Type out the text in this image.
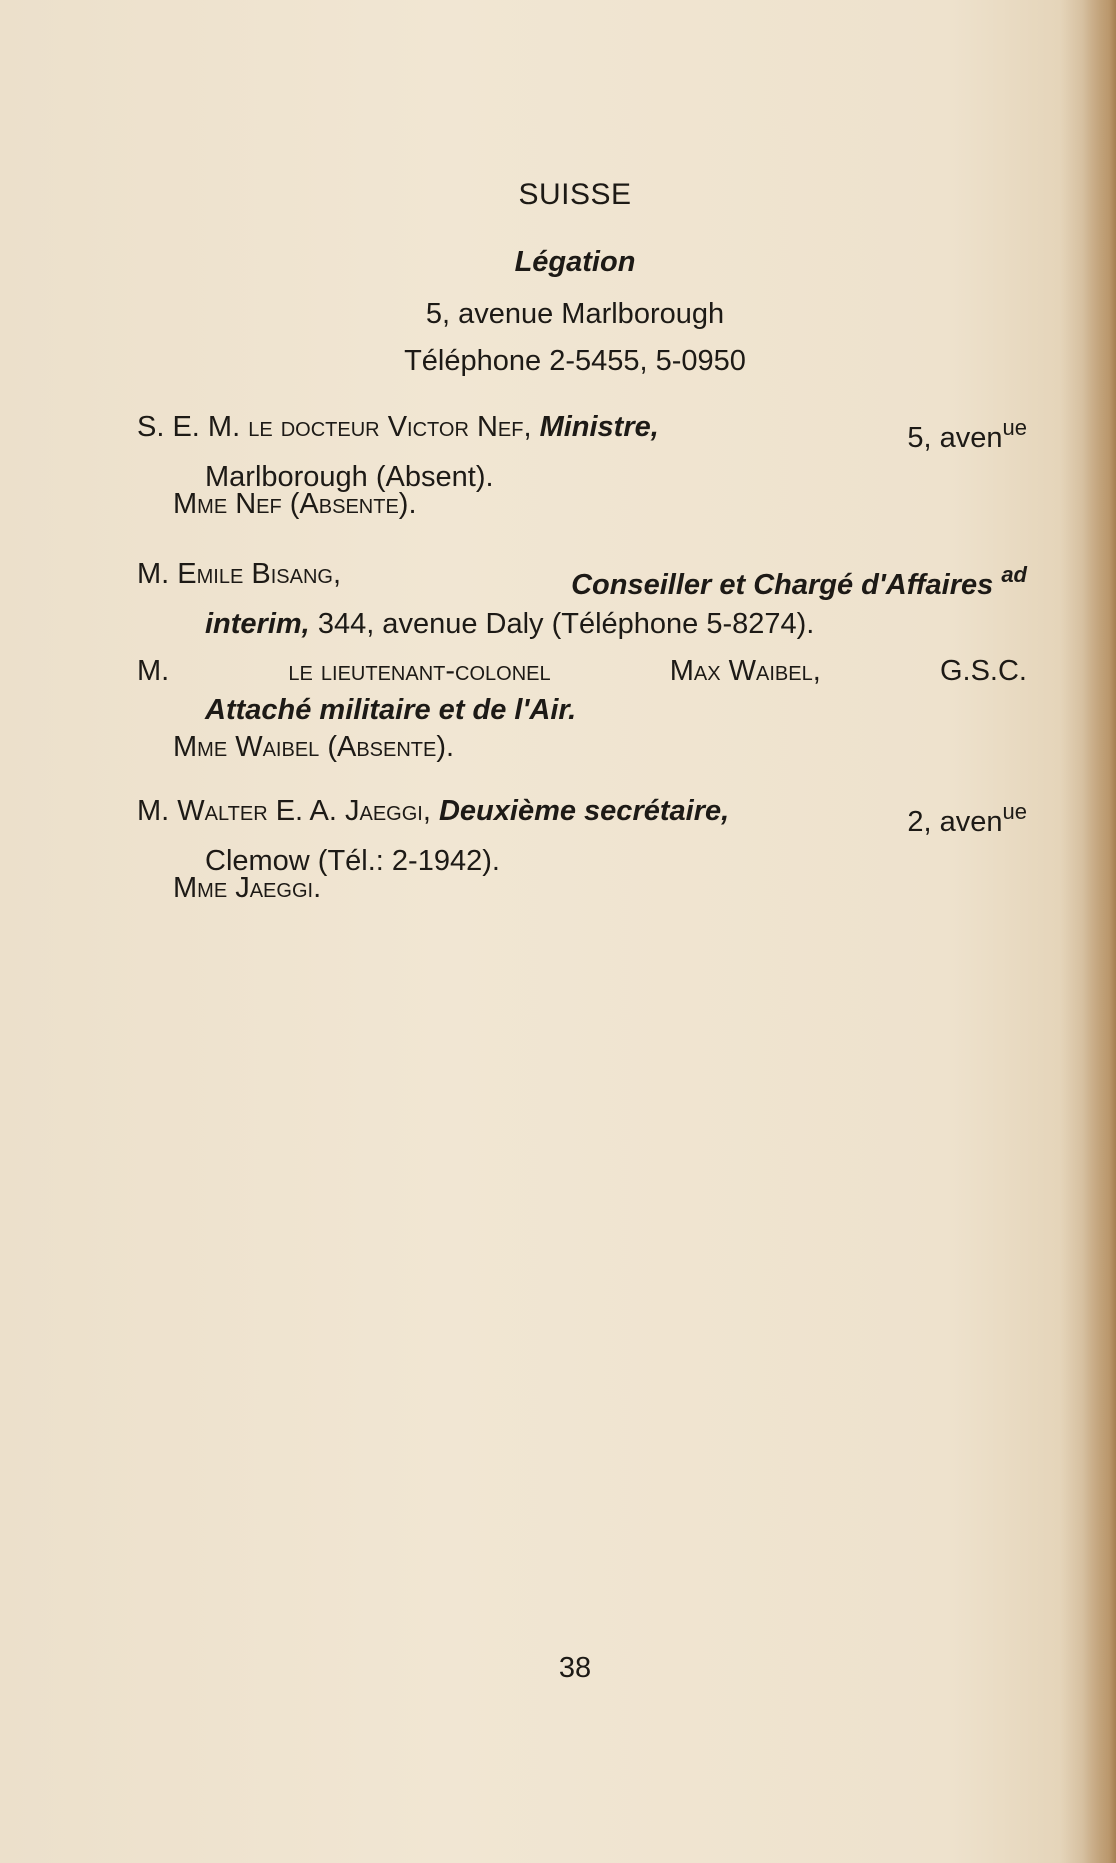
SUISSE
Légation
5, avenue Marlborough
Téléphone 2-5455, 5-0950
S. E. M. le docteur Victor Nef, Ministre,	5, aven$^{ue}$
Marlborough (Absent).
Mme Nef (Absente).
M. Emile Bisang,	Conseiller et Chargé d'Affaires $^{ad}$
interim, 344, avenue Daly (Téléphone 5-8274).
M.	le lieutenant-colonel	Max Waibel,	G.S.C.
Attaché militaire et de l'Air.
Mme Waibel (Absente).
M. Walter E. A. Jaeggi, Deuxième secrétaire,	2, aven$^{ue}$
Clemow (Tél.: 2-1942).
Mme Jaeggi.
38
